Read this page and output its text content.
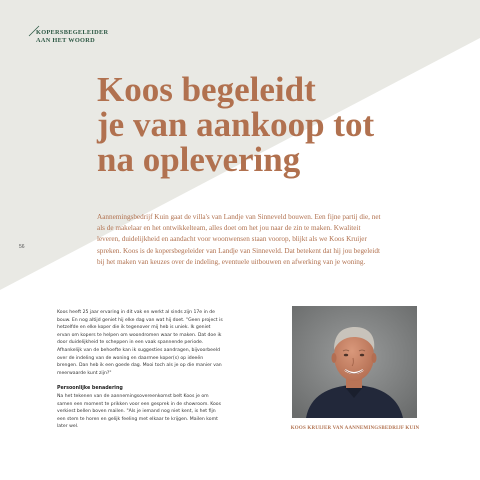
KOPERSBEGELEIDER
AAN HET WOORD
Koos begeleidt
je van aankoop tot
na oplevering

Aannemingsbedrijf Kuin gaat de villa's van Landje van Sinneveld bouwen. Een fijne partij die, net als de makelaar en het ontwikkelteam, alles doet om het jou naar de zin te maken. Kwaliteit leveren, duidelijkheid en aandacht voor woonwensen staan voorop, blijkt als we Koos Kruijer spreken. Koos is de kopersbegeleider van Landje van Sinneveld. Dat betekent dat hij jou begeleidt bij het maken van keuzes over de indeling, eventuele uitbouwen en afwerking van je woning.

56

Koos heeft 25 jaar ervaring in dit vak en werkt al sinds zijn 17e in de bouw. En nog altijd geniet hij elke dag van wat hij doet. "Geen project is hetzelfde en elke koper die ik tegenover mij heb is uniek. Ik geniet ervan om kopers te helpen om woondromen waar te maken. Dat doe ik door duidelijkheid te scheppen in een vaak spannende periode. Afhankelijk van de behoefte kan ik suggesties aandragen, bijvoorbeeld over de indeling van de woning en daarmee koper(s) op ideeën brengen. Dan heb ik een goede dag. Mooi toch als je op die manier van meerwaarde kunt zijn?"

Persoonlijke benadering

Na het tekenen van de aannemingsovereenkomst belt Koos je om samen een moment te prikken voor een gesprek in de showroom. Koos verkiest bellen boven mailen. "Als je iemand nog niet kent, is het fijn een stem te horen en gelijk feeling met elkaar te krijgen. Mailen komt later wel.	KOOS KRUIJER VAN AANNEMINGSBEDRIJF KUIN
